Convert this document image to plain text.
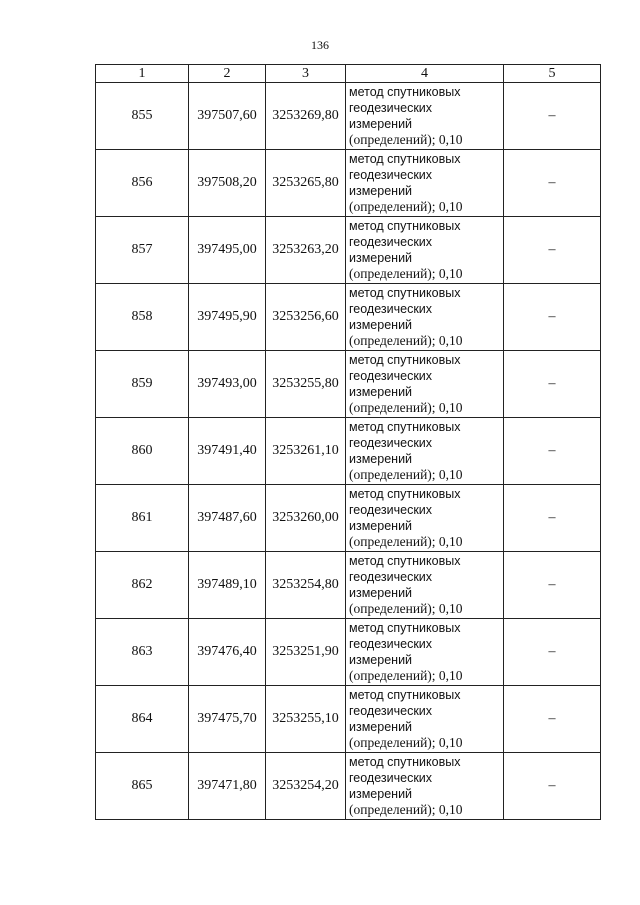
136
1	2	3	4	5
855	397507,60	3253269,80	метод спутниковых
геодезических
измерений
(определений); 0,10	–
856	397508,20	3253265,80	метод спутниковых
геодезических
измерений
(определений); 0,10	–
857	397495,00	3253263,20	метод спутниковых
геодезических
измерений
(определений); 0,10	–
858	397495,90	3253256,60	метод спутниковых
геодезических
измерений
(определений); 0,10	–
859	397493,00	3253255,80	метод спутниковых
геодезических
измерений
(определений); 0,10	–
860	397491,40	3253261,10	метод спутниковых
геодезических
измерений
(определений); 0,10	–
861	397487,60	3253260,00	метод спутниковых
геодезических
измерений
(определений); 0,10	–
862	397489,10	3253254,80	метод спутниковых
геодезических
измерений
(определений); 0,10	–
863	397476,40	3253251,90	метод спутниковых
геодезических
измерений
(определений); 0,10	–
864	397475,70	3253255,10	метод спутниковых
геодезических
измерений
(определений); 0,10	–
865	397471,80	3253254,20	метод спутниковых
геодезических
измерений
(определений); 0,10	–
